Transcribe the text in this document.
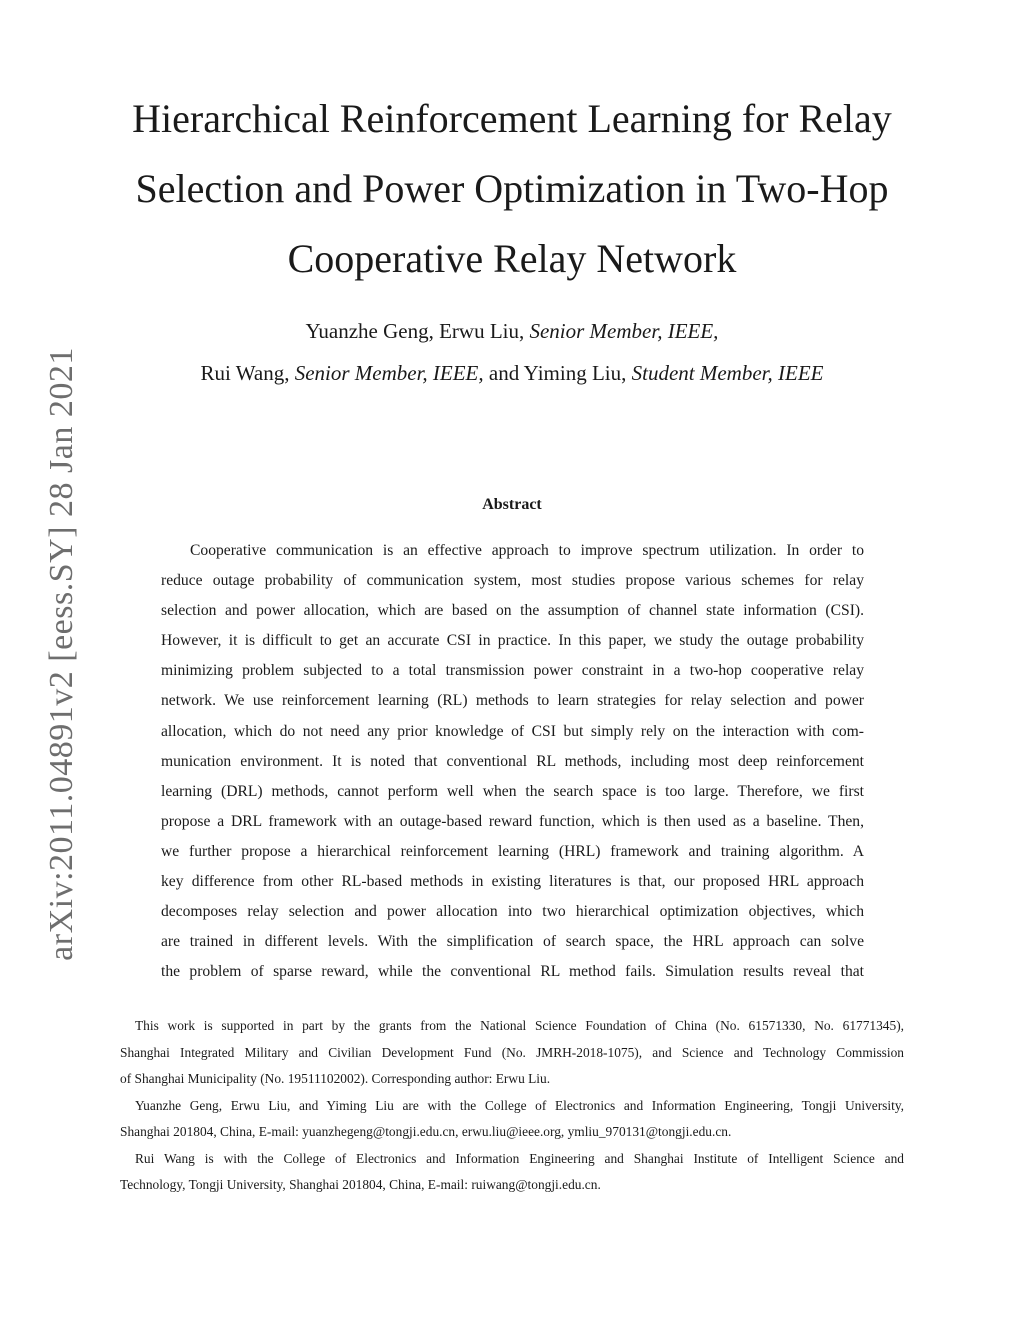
arXiv:2011.04891v2 [eess.SY] 28 Jan 2021
Hierarchical Reinforcement Learning for Relay
Selection and Power Optimization in Two-Hop
Cooperative Relay Network
Yuanzhe Geng, Erwu Liu, Senior Member, IEEE,
Rui Wang, Senior Member, IEEE, and Yiming Liu, Student Member, IEEE
Abstract
Cooperative communication is an effective approach to improve spectrum utilization. In order to
reduce outage probability of communication system, most studies propose various schemes for relay
selection and power allocation, which are based on the assumption of channel state information (CSI).
However, it is difficult to get an accurate CSI in practice. In this paper, we study the outage probability
minimizing problem subjected to a total transmission power constraint in a two-hop cooperative relay
network. We use reinforcement learning (RL) methods to learn strategies for relay selection and power
allocation, which do not need any prior knowledge of CSI but simply rely on the interaction with com-
munication environment. It is noted that conventional RL methods, including most deep reinforcement
learning (DRL) methods, cannot perform well when the search space is too large. Therefore, we first
propose a DRL framework with an outage-based reward function, which is then used as a baseline. Then,
we further propose a hierarchical reinforcement learning (HRL) framework and training algorithm. A
key difference from other RL-based methods in existing literatures is that, our proposed HRL approach
decomposes relay selection and power allocation into two hierarchical optimization objectives, which
are trained in different levels. With the simplification of search space, the HRL approach can solve
the problem of sparse reward, while the conventional RL method fails. Simulation results reveal that
This work is supported in part by the grants from the National Science Foundation of China (No. 61571330, No. 61771345),
Shanghai Integrated Military and Civilian Development Fund (No. JMRH-2018-1075), and Science and Technology Commission
of Shanghai Municipality (No. 19511102002). Corresponding author: Erwu Liu.
Yuanzhe Geng, Erwu Liu, and Yiming Liu are with the College of Electronics and Information Engineering, Tongji University,
Shanghai 201804, China, E-mail: yuanzhegeng@tongji.edu.cn, erwu.liu@ieee.org, ymliu_970131@tongji.edu.cn.
Rui Wang is with the College of Electronics and Information Engineering and Shanghai Institute of Intelligent Science and
Technology, Tongji University, Shanghai 201804, China, E-mail: ruiwang@tongji.edu.cn.
